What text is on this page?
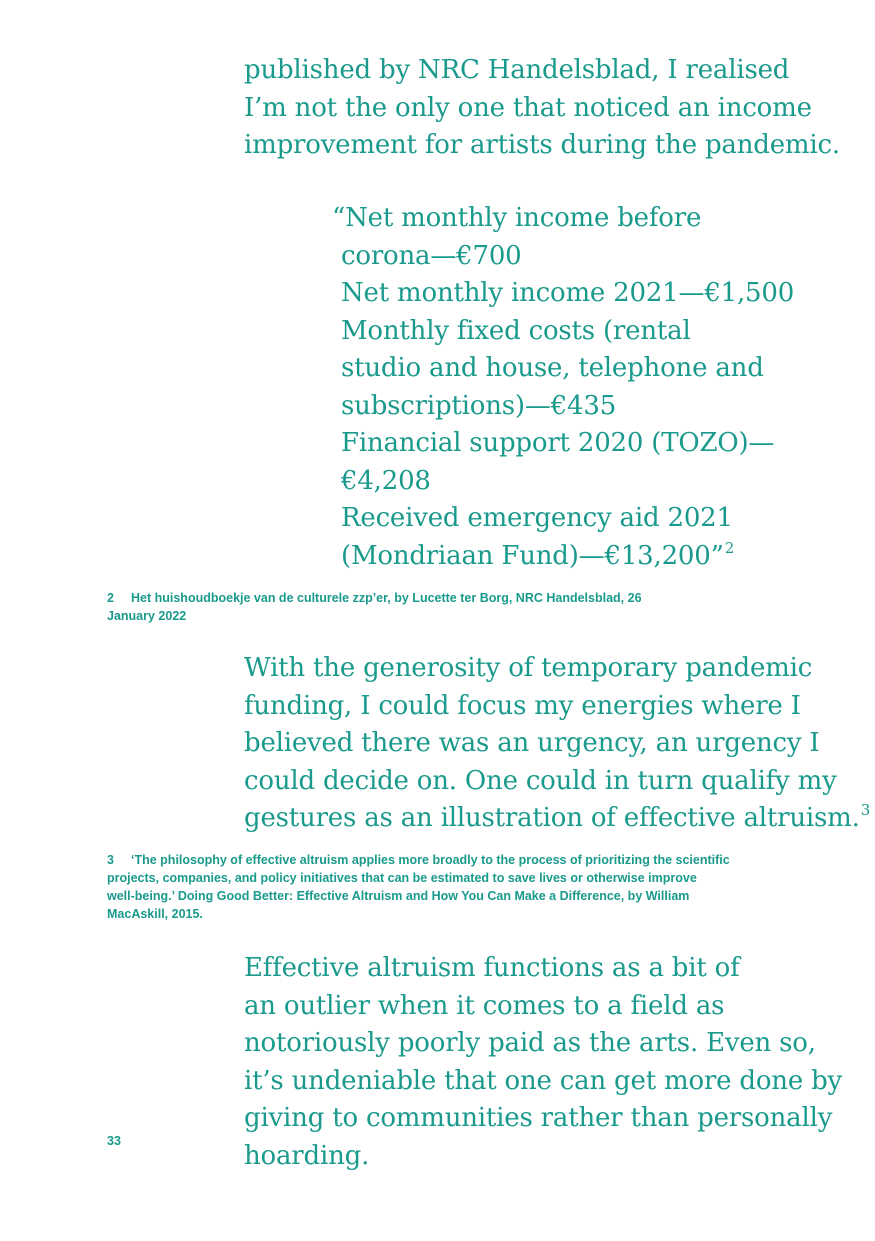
published by NRC Handelsblad, I realised
I’m not the only one that noticed an income
improvement for artists during the pandemic.

“Net monthly income before
corona—€700
Net monthly income 2021—€1,500
Monthly fixed costs (rental
studio and house, telephone and
subscriptions)—€435
Financial support 2020 (TOZO)—
€4,208
Received emergency aid 2021
(Mondriaan Fund)—€13,200”$^2$
2 Het huishoudboekje van de culturele zzp’er, by Lucette ter Borg, NRC Handelsblad, 26
January 2022

With the generosity of temporary pandemic
funding, I could focus my energies where I
believed there was an urgency, an urgency I
could decide on. One could in turn qualify my
gestures as an illustration of effective altruism.$^3$

3 ‘The philosophy of effective altruism applies more broadly to the process of prioritizing the scientific
projects, companies, and policy initiatives that can be estimated to save lives or otherwise improve
well-being.’ Doing Good Better: Effective Altruism and How You Can Make a Difference, by William
MacAskill, 2015.

Effective altruism functions as a bit of
an outlier when it comes to a field as
notoriously poorly paid as the arts. Even so,
it’s undeniable that one can get more done by
giving to communities rather than personally
hoarding.

33
